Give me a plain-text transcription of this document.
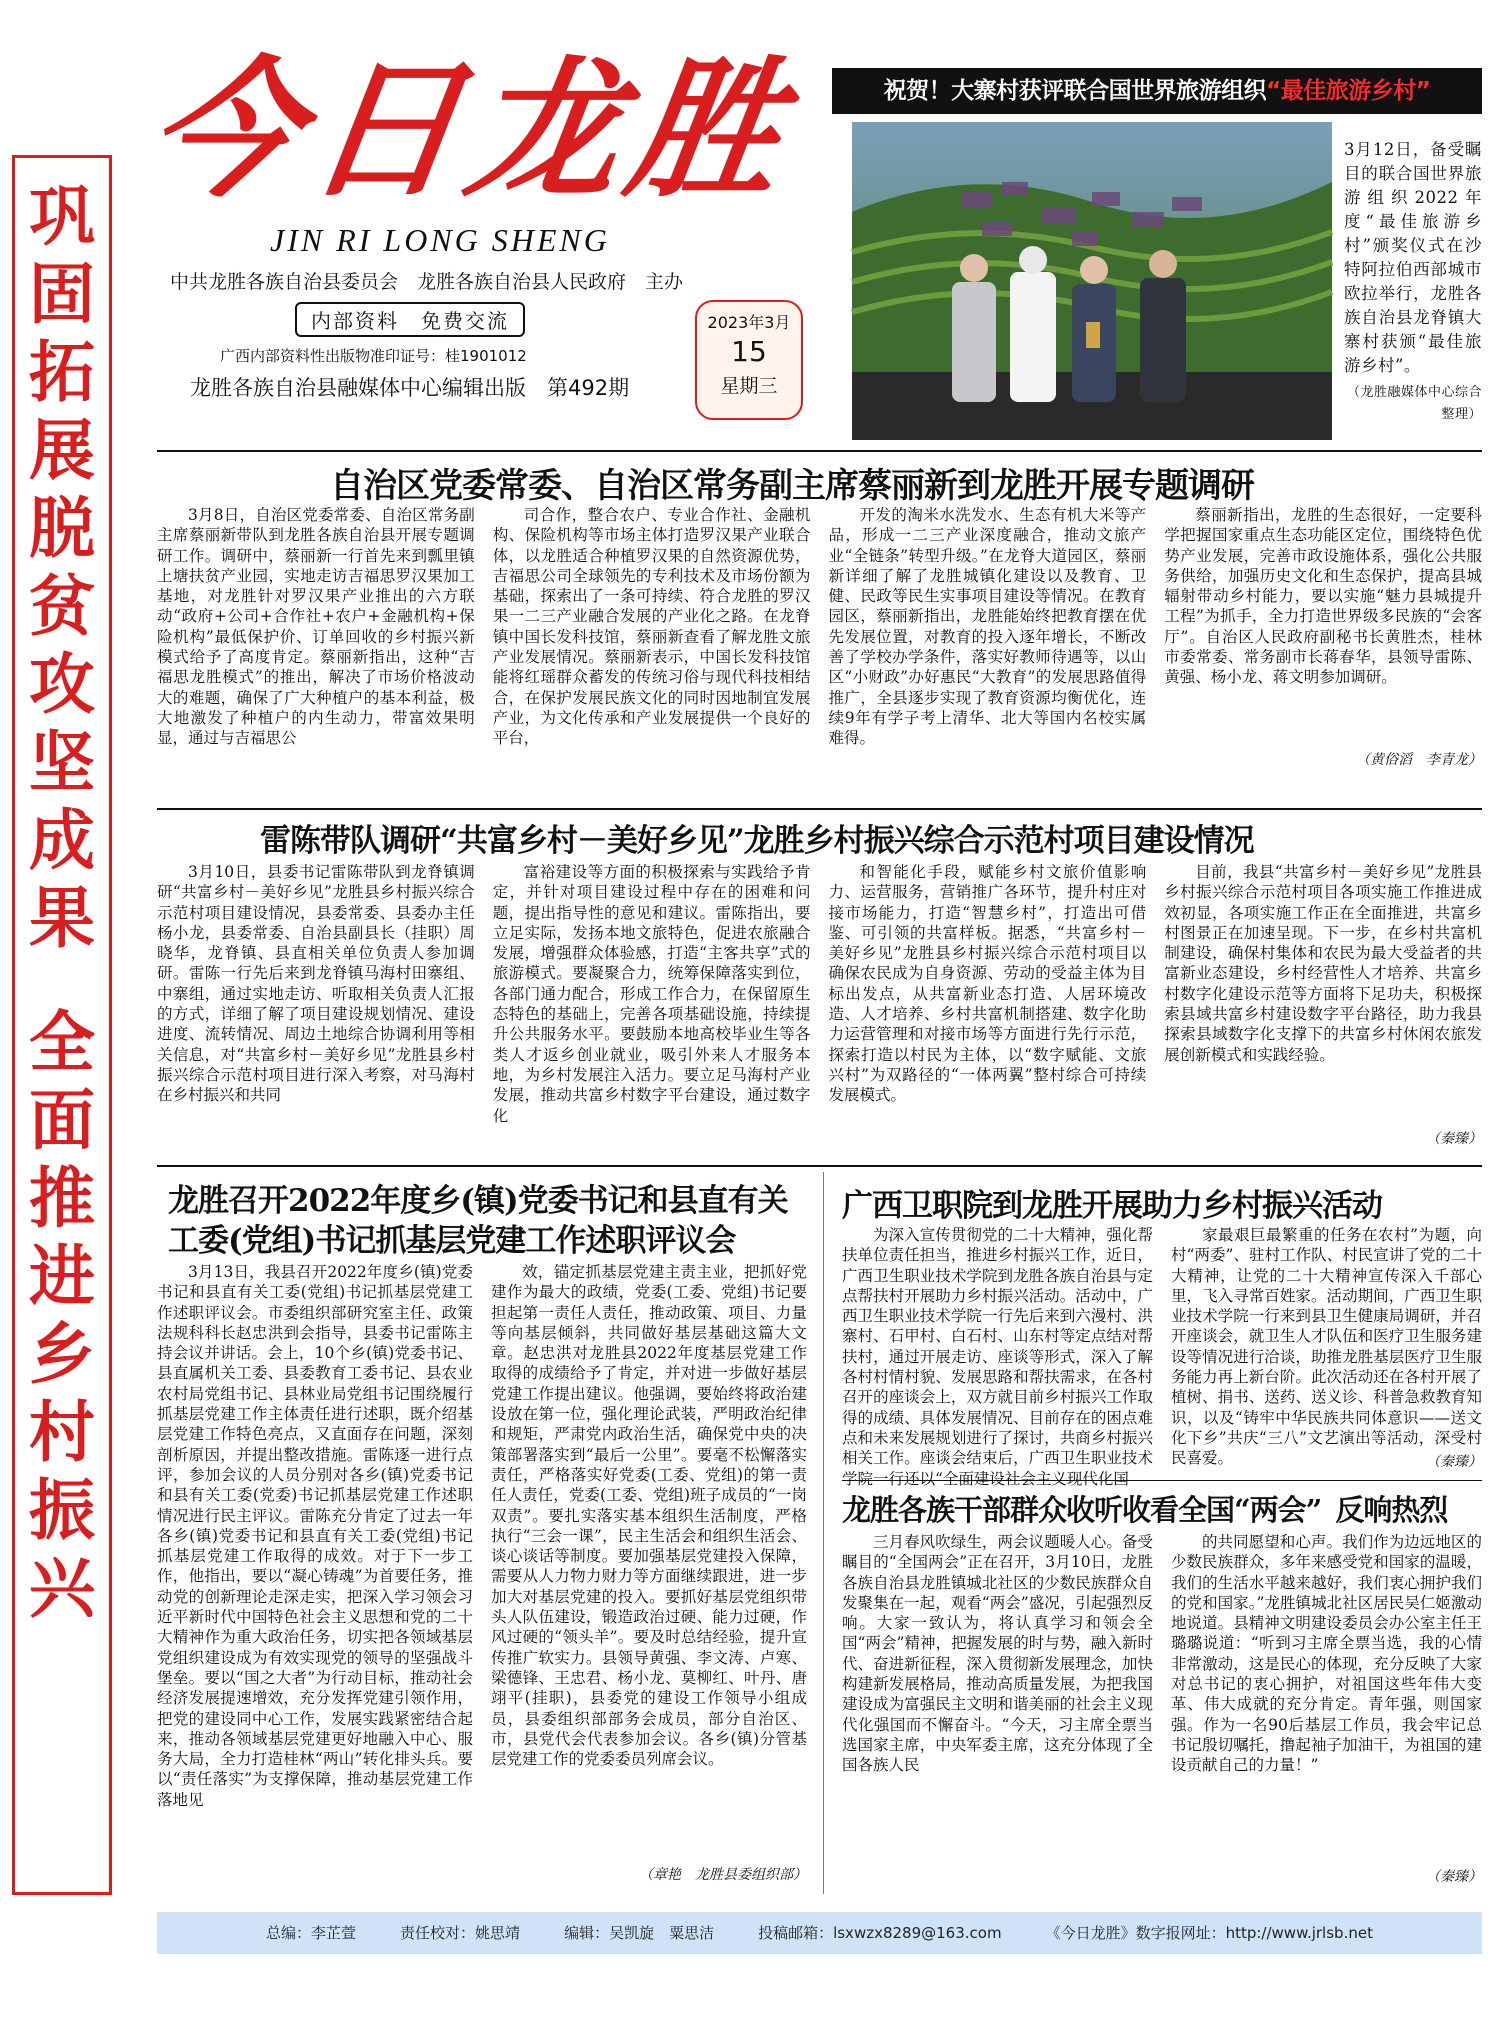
巩固拓展脱贫攻坚成果
全面推进乡村振兴
今日龙胜
JIN RI LONG SHENG
中共龙胜各族自治县委员会　龙胜各族自治县人民政府　主办
内部资料　免费交流
广西内部资料性出版物准印证号：桂1901012
龙胜各族自治县融媒体中心编辑出版　第492期
2023年3月
15
星期三
祝贺！大寨村获评联合国世界旅游组织“最佳旅游乡村”
3月12日，备受瞩目的联合国世界旅游组织2022年度“最佳旅游乡村”颁奖仪式在沙特阿拉伯西部城市欧拉举行，龙胜各族自治县龙脊镇大寨村获颁“最佳旅游乡村”。
（龙胜融媒体中心综合整理）
自治区党委常委、自治区常务副主席蔡丽新到龙胜开展专题调研

3月8日，自治区党委常委、自治区常务副主席蔡丽新带队到龙胜各族自治县开展专题调研工作。调研中，蔡丽新一行首先来到瓢里镇上塘扶贫产业园，实地走访吉福思罗汉果加工基地，对龙胜针对罗汉果产业推出的六方联动“政府+公司+合作社+农户+金融机构+保险机构”最低保护价、订单回收的乡村振兴新模式给予了高度肯定。蔡丽新指出，这种“吉福思龙胜模式”的推出，解决了市场价格波动大的难题，确保了广大种植户的基本利益，极大地激发了种植户的内生动力，带富效果明显，通过与吉福思公

司合作，整合农户、专业合作社、金融机构、保险机构等市场主体打造罗汉果产业联合体，以龙胜适合种植罗汉果的自然资源优势，吉福思公司全球领先的专利技术及市场份额为基础，探索出了一条可持续、符合龙胜的罗汉果一二三产业融合发展的产业化之路。在龙脊镇中国长发科技馆，蔡丽新查看了解龙胜文旅产业发展情况。蔡丽新表示，中国长发科技馆能将红瑶群众蓄发的传统习俗与现代科技相结合，在保护发展民族文化的同时因地制宜发展产业，为文化传承和产业发展提供一个良好的平台，

开发的淘米水洗发水、生态有机大米等产品，形成一二三产业深度融合，推动文旅产业“全链条”转型升级。”在龙脊大道园区，蔡丽新详细了解了龙胜城镇化建设以及教育、卫健、民政等民生实事项目建设等情况。在教育园区，蔡丽新指出，龙胜能始终把教育摆在优先发展位置，对教育的投入逐年增长，不断改善了学校办学条件，落实好教师待遇等，以山区“小财政”办好惠民“大教育”的发展思路值得推广，全县逐步实现了教育资源均衡优化，连续9年有学子考上清华、北大等国内名校实属难得。

蔡丽新指出，龙胜的生态很好，一定要科学把握国家重点生态功能区定位，围绕特色优势产业发展，完善市政设施体系，强化公共服务供给，加强历史文化和生态保护，提高县城辐射带动乡村能力，要以实施“魅力县城提升工程”为抓手，全力打造世界级多民族的“会客厅”。自治区人民政府副秘书长黄胜杰，桂林市委常委、常务副市长蒋春华，县领导雷陈、黄强、杨小龙、蒋文明参加调研。

（黄俗滔　李青龙）
雷陈带队调研“共富乡村－美好乡见”龙胜乡村振兴综合示范村项目建设情况

3月10日，县委书记雷陈带队到龙脊镇调研“共富乡村－美好乡见”龙胜县乡村振兴综合示范村项目建设情况，县委常委、县委办主任杨小龙，县委常委、自治县副县长（挂职）周晓华，龙脊镇、县直相关单位负责人参加调研。雷陈一行先后来到龙脊镇马海村田寨组、中寨组，通过实地走访、听取相关负责人汇报的方式，详细了解了项目建设规划情况、建设进度、流转情况、周边土地综合协调利用等相关信息，对“共富乡村－美好乡见”龙胜县乡村振兴综合示范村项目进行深入考察，对马海村在乡村振兴和共同

富裕建设等方面的积极探索与实践给予肯定，并针对项目建设过程中存在的困难和问题，提出指导性的意见和建议。雷陈指出，要立足实际，发扬本地文旅特色，促进农旅融合发展，增强群众体验感，打造“主客共享”式的旅游模式。要凝聚合力，统筹保障落实到位，各部门通力配合，形成工作合力，在保留原生态特色的基础上，完善各项基础设施，持续提升公共服务水平。要鼓励本地高校毕业生等各类人才返乡创业就业，吸引外来人才服务本地，为乡村发展注入活力。要立足马海村产业发展，推动共富乡村数字平台建设，通过数字化

和智能化手段，赋能乡村文旅价值影响力、运营服务，营销推广各环节，提升村庄对接市场能力，打造“智慧乡村”，打造出可借鉴、可引领的共富样板。据悉，“共富乡村－美好乡见”龙胜县乡村振兴综合示范村项目以确保农民成为自身资源、劳动的受益主体为目标出发点，从共富新业态打造、人居环境改造、人才培养、乡村共富机制搭建、数字化助力运营管理和对接市场等方面进行先行示范，探索打造以村民为主体，以“数字赋能、文旅兴村”为双路径的“一体两翼”整村综合可持续发展模式。

目前，我县“共富乡村－美好乡见”龙胜县乡村振兴综合示范村项目各项实施工作推进成效初显，各项实施工作正在全面推进，共富乡村图景正在加速呈现。下一步，在乡村共富机制建设，确保村集体和农民为最大受益者的共富新业态建设，乡村经营性人才培养、共富乡村数字化建设示范等方面将下足功夫，积极探索县域共富乡村建设数字平台路径，助力我县探索县域数字化支撑下的共富乡村休闲农旅发展创新模式和实践经验。

（秦臻）
龙胜召开2022年度乡(镇)党委书记和县直有关
工委(党组)书记抓基层党建工作述职评议会

3月13日，我县召开2022年度乡(镇)党委书记和县直有关工委(党组)书记抓基层党建工作述职评议会。市委组织部研究室主任、政策法规科科长赵忠洪到会指导，县委书记雷陈主持会议并讲话。会上，10个乡(镇)党委书记、县直属机关工委、县委教育工委书记、县农业农村局党组书记、县林业局党组书记围绕履行抓基层党建工作主体责任进行述职，既介绍基层党建工作特色亮点，又直面存在问题，深刻剖析原因，并提出整改措施。雷陈逐一进行点评，参加会议的人员分别对各乡(镇)党委书记和县有关工委(党委)书记抓基层党建工作述职情况进行民主评议。雷陈充分肯定了过去一年各乡(镇)党委书记和县直有关工委(党组)书记抓基层党建工作取得的成效。对于下一步工作，他指出，要以“凝心铸魂”为首要任务，推动党的创新理论走深走实，把深入学习领会习近平新时代中国特色社会主义思想和党的二十大精神作为重大政治任务，切实把各领域基层党组织建设成为有效实现党的领导的坚强战斗堡垒。要以“国之大者”为行动目标，推动社会经济发展提速增效，充分发挥党建引领作用，把党的建设同中心工作，发展实践紧密结合起来，推动各领域基层党建更好地融入中心、服务大局，全力打造桂林“两山”转化排头兵。要以“责任落实”为支撑保障，推动基层党建工作落地见

效，锚定抓基层党建主责主业，把抓好党建作为最大的政绩，党委(工委、党组)书记要担起第一责任人责任，推动政策、项目、力量等向基层倾斜，共同做好基层基础这篇大文章。赵忠洪对龙胜县2022年度基层党建工作取得的成绩给予了肯定，并对进一步做好基层党建工作提出建议。他强调，要始终将政治建设放在第一位，强化理论武装，严明政治纪律和规矩，严肃党内政治生活，确保党中央的决策部署落实到“最后一公里”。要毫不松懈落实责任，严格落实好党委(工委、党组)的第一责任人责任，党委(工委、党组)班子成员的“一岗双责”。要扎实落实基本组织生活制度，严格执行“三会一课”，民主生活会和组织生活会、谈心谈话等制度。要加强基层党建投入保障，需要从人力物力财力等方面继续跟进，进一步加大对基层党建的投入。要抓好基层党组织带头人队伍建设，锻造政治过硬、能力过硬，作风过硬的“领头羊”。要及时总结经验，提升宣传推广软实力。县领导黄强、李文涛、卢寒、梁德锋、王忠君、杨小龙、莫柳红、叶丹、唐翊平(挂职)，县委党的建设工作领导小组成员，县委组织部部务会成员，部分自治区、市，县党代会代表参加会议。各乡(镇)分管基层党建工作的党委委员列席会议。

（章艳　龙胜县委组织部）
广西卫职院到龙胜开展助力乡村振兴活动

为深入宣传贯彻党的二十大精神，强化帮扶单位责任担当，推进乡村振兴工作，近日，广西卫生职业技术学院到龙胜各族自治县与定点帮扶村开展助力乡村振兴活动。活动中，广西卫生职业技术学院一行先后来到六漫村、洪寨村、石甲村、白石村、山东村等定点结对帮扶村，通过开展走访、座谈等形式，深入了解各村村情村貌、发展思路和帮扶需求，在各村召开的座谈会上，双方就目前乡村振兴工作取得的成绩、具体发展情况、目前存在的困点难点和未来发展规划进行了探讨，共商乡村振兴相关工作。座谈会结束后，广西卫生职业技术学院一行还以“全面建设社会主义现代化国

家最艰巨最繁重的任务在农村”为题，向村“两委”、驻村工作队、村民宣讲了党的二十大精神，让党的二十大精神宣传深入千部心里，飞入寻常百姓家。活动期间，广西卫生职业技术学院一行来到县卫生健康局调研，并召开座谈会，就卫生人才队伍和医疗卫生服务建设等情况进行洽谈，助推龙胜基层医疗卫生服务能力再上新台阶。此次活动还在各村开展了植树、捐书、送药、送义诊、科普急救教育知识，以及“铸牢中华民族共同体意识——送文化下乡”共庆“三八”文艺演出等活动，深受村民喜爱。	（秦臻）
龙胜各族干部群众收听收看全国“两会” 反响热烈

三月春风吹绿生，两会议题暖人心。备受瞩目的“全国两会”正在召开，3月10日，龙胜各族自治县龙胜镇城北社区的少数民族群众自发聚集在一起，观看“两会”盛况，引起强烈反响。大家一致认为，将认真学习和领会全国“两会”精神，把握发展的时与势，融入新时代、奋进新征程，深入贯彻新发展理念，加快构建新发展格局，推动高质量发展，为把我国建设成为富强民主文明和谐美丽的社会主义现代化强国而不懈奋斗。“今天，习主席全票当选国家主席，中央军委主席，这充分体现了全国各族人民

的共同愿望和心声。我们作为边远地区的少数民族群众，多年来感受党和国家的温暖，我们的生活水平越来越好，我们衷心拥护我们的党和国家。”龙胜镇城北社区居民吴仁姬激动地说道。县精神文明建设委员会办公室主任王璐璐说道：“听到习主席全票当选，我的心情非常激动，这是民心的体现，充分反映了大家对总书记的衷心拥护，对祖国这些年伟大变革、伟大成就的充分肯定。青年强，则国家强。作为一名90后基层工作员，我会牢记总书记殷切嘱托，撸起袖子加油干，为祖国的建设贡献自己的力量！”

（秦臻）
总编：李芷萱	责任校对：姚思靖	编辑：吴凯旋　粟思洁	投稿邮箱：lsxwzx8289@163.com	《今日龙胜》数字报网址：http://www.jrlsb.net
